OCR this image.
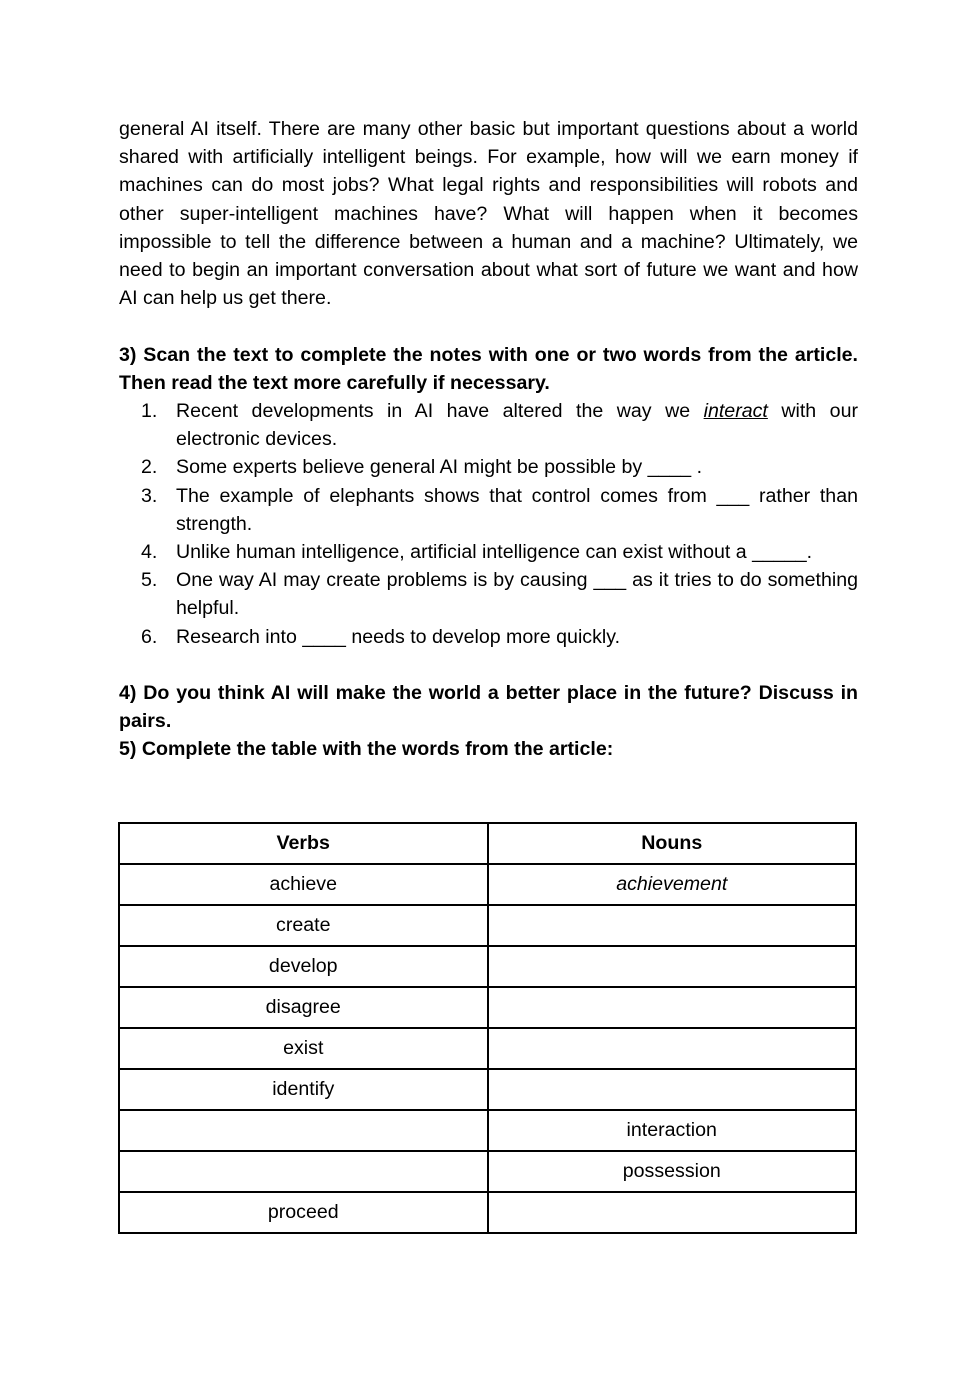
general AI itself. There are many other basic but important questions about a world shared with artificially intelligent beings. For example, how will we earn money if machines can do most jobs? What legal rights and responsibilities will robots and other super-intelligent machines have? What will happen when it becomes impossible to tell the difference between a human and a machine? Ultimately, we need to begin an important conversation about what sort of future we want and how AI can help us get there.

3) Scan the text to complete the notes with one or two words from the article. Then read the text more carefully if necessary.

1. Recent developments in AI have altered the way we interact with our electronic devices.
2. Some experts believe general AI might be possible by ____ .
3. The example of elephants shows that control comes from ___ rather than strength.
4. Unlike human intelligence, artificial intelligence can exist without a _____.
5. One way AI may create problems is by causing ___ as it tries to do something helpful.
6. Research into ____ needs to develop more quickly.

4) Do you think AI will make the world a better place in the future? Discuss in pairs.

5) Complete the table with the words from the article:

Verbs	Nouns
achieve	achievement
create	
develop	
disagree	
exist	
identify	
	interaction
	possession
proceed	
